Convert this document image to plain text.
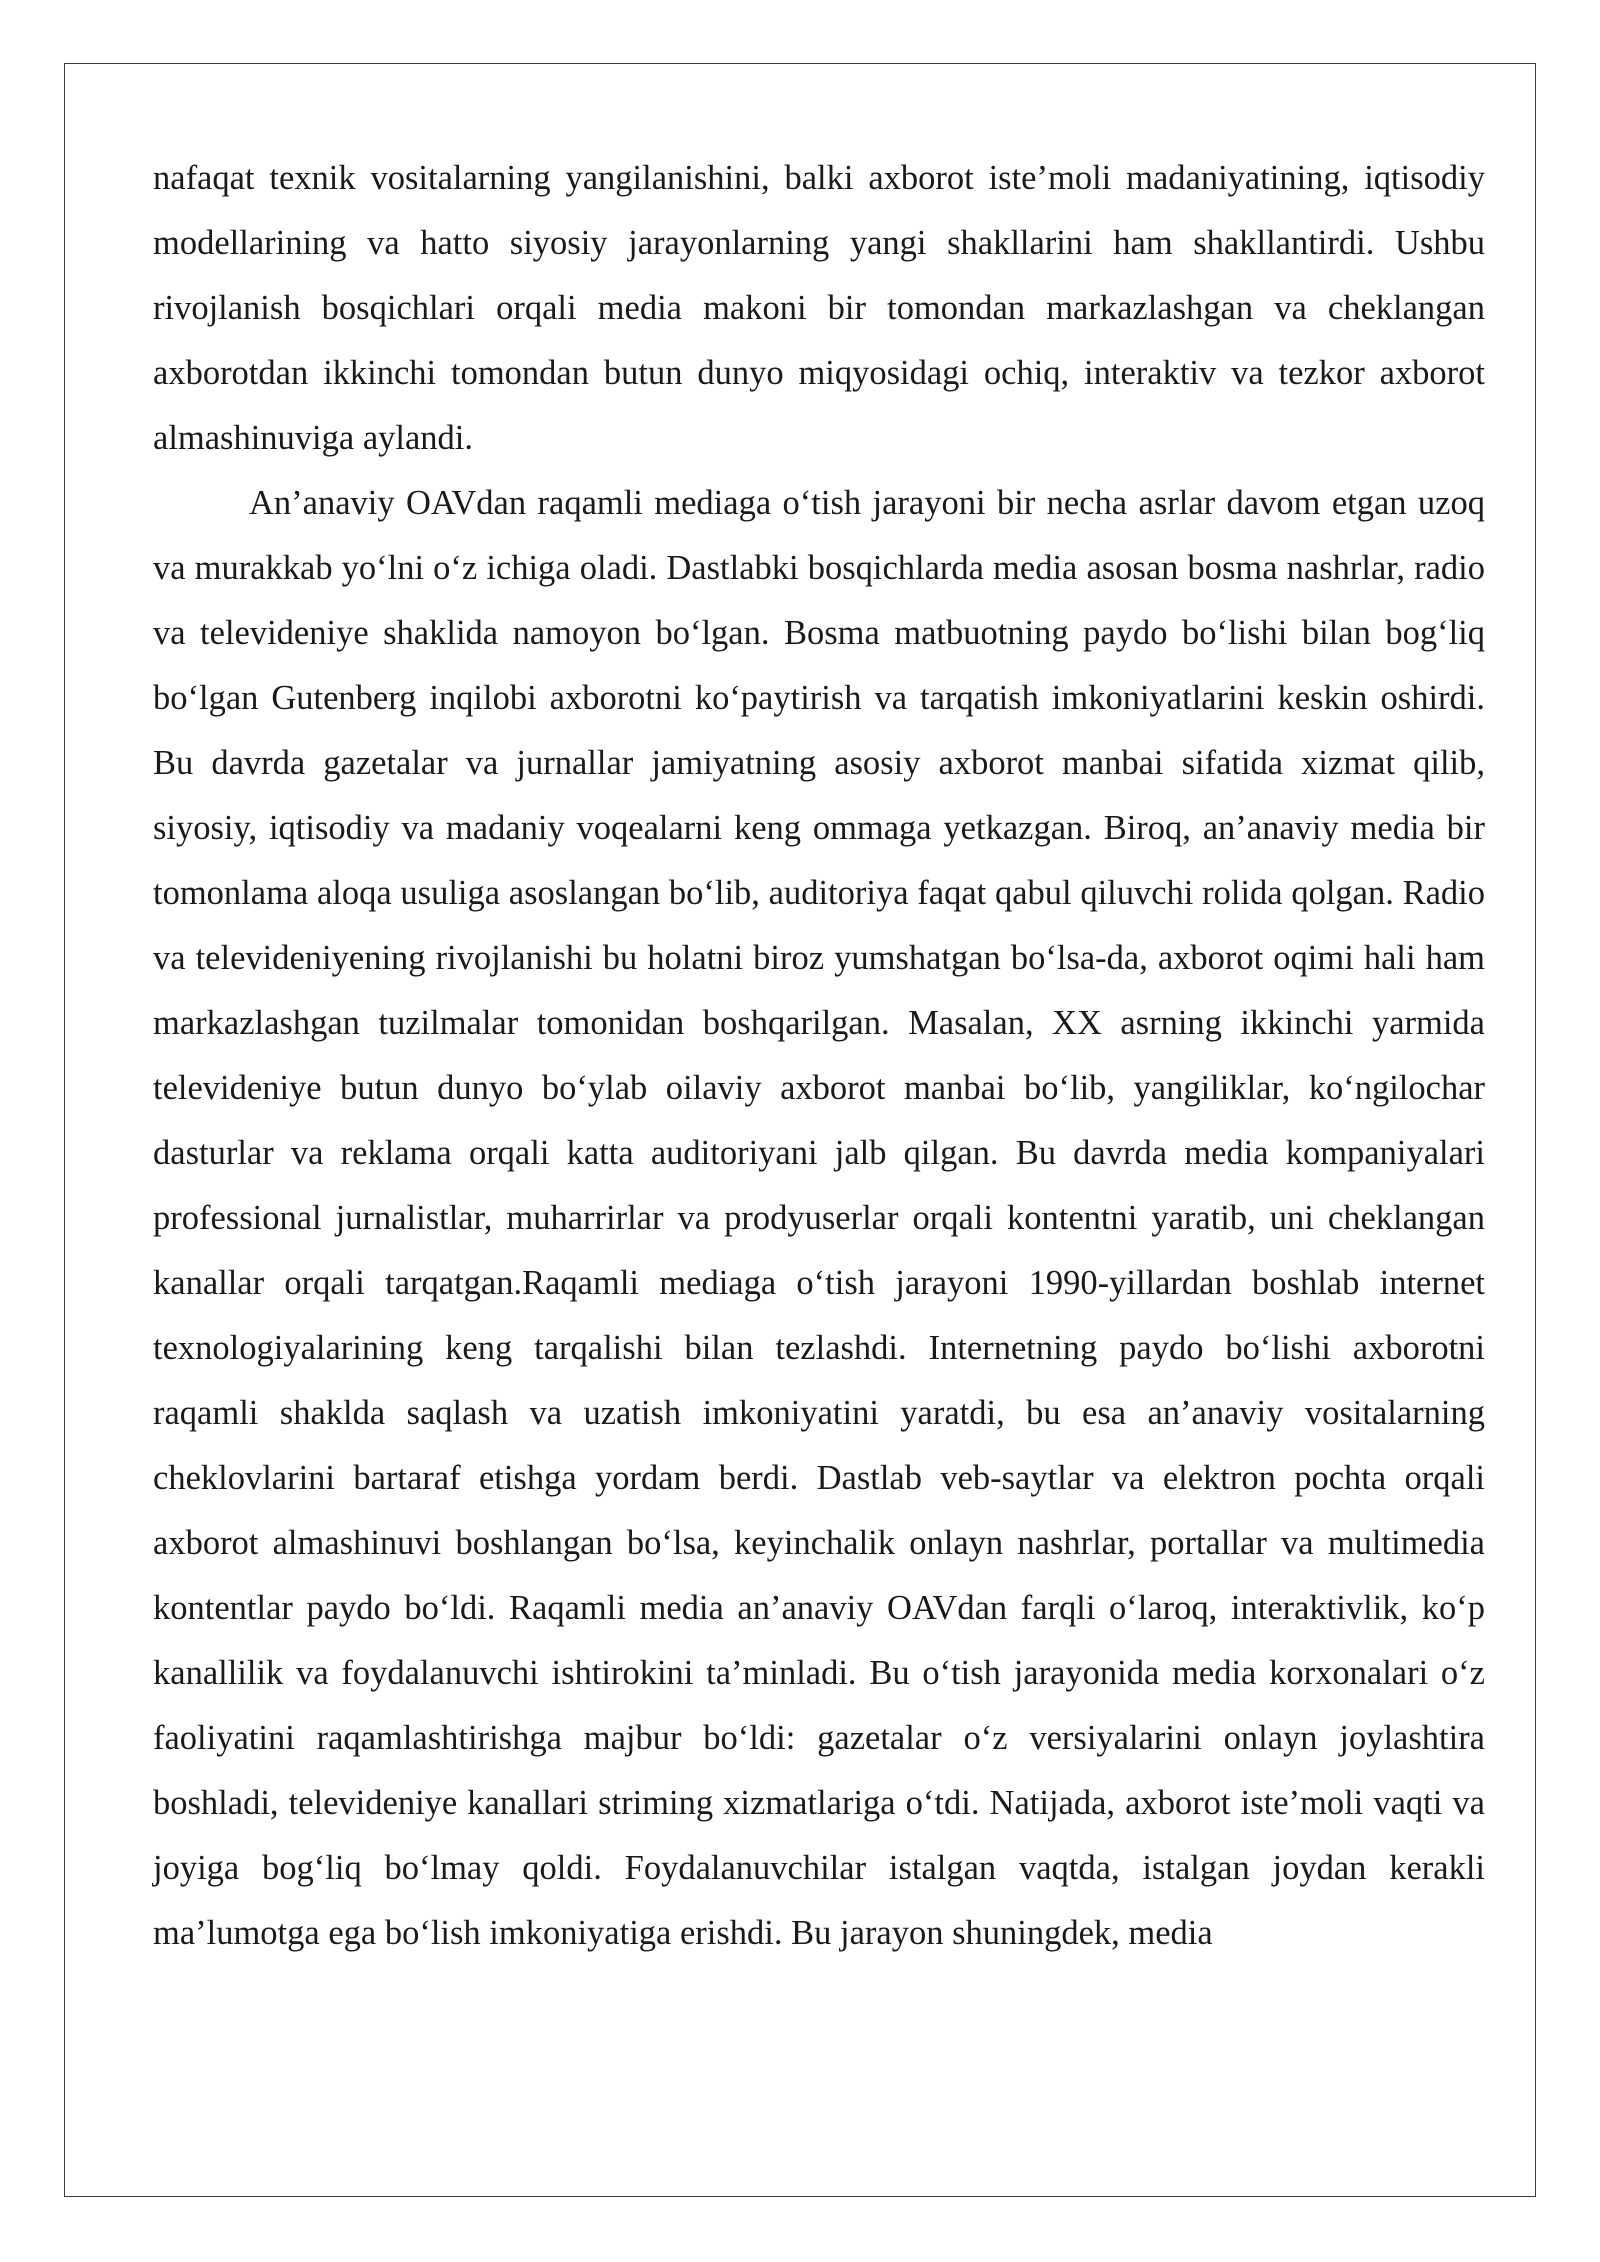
nafaqat texnik vositalarning yangilanishini, balki axborot iste’moli madaniyatining, iqtisodiy modellarining va hatto siyosiy jarayonlarning yangi shakllarini ham shakllantirdi. Ushbu rivojlanish bosqichlari orqali media makoni bir tomondan markazlashgan va cheklangan axborotdan ikkinchi tomondan butun dunyo miqyosidagi ochiq, interaktiv va tezkor axborot almashinuviga aylandi.

An’anaviy OAVdan raqamli mediaga o‘tish jarayoni bir necha asrlar davom etgan uzoq va murakkab yo‘lni o‘z ichiga oladi. Dastlabki bosqichlarda media asosan bosma nashrlar, radio va televideniye shaklida namoyon bo‘lgan. Bosma matbuotning paydo bo‘lishi bilan bog‘liq bo‘lgan Gutenberg inqilobi axborotni ko‘paytirish va tarqatish imkoniyatlarini keskin oshirdi. Bu davrda gazetalar va jurnallar jamiyatning asosiy axborot manbai sifatida xizmat qilib, siyosiy, iqtisodiy va madaniy voqealarni keng ommaga yetkazgan. Biroq, an’anaviy media bir tomonlama aloqa usuliga asoslangan bo‘lib, auditoriya faqat qabul qiluvchi rolida qolgan. Radio va televideniyening rivojlanishi bu holatni biroz yumshatgan bo‘lsa-da, axborot oqimi hali ham markazlashgan tuzilmalar tomonidan boshqarilgan. Masalan, XX asrning ikkinchi yarmida televideniye butun dunyo bo‘ylab oilaviy axborot manbai bo‘lib, yangiliklar, ko‘ngilochar dasturlar va reklama orqali katta auditoriyani jalb qilgan. Bu davrda media kompaniyalari professional jurnalistlar, muharrirlar va prodyuserlar orqali kontentni yaratib, uni cheklangan kanallar orqali tarqatgan.Raqamli mediaga o‘tish jarayoni 1990-yillardan boshlab internet texnologiyalarining keng tarqalishi bilan tezlashdi. Internetning paydo bo‘lishi axborotni raqamli shaklda saqlash va uzatish imkoniyatini yaratdi, bu esa an’anaviy vositalarning cheklovlarini bartaraf etishga yordam berdi. Dastlab veb-saytlar va elektron pochta orqali axborot almashinuvi boshlangan bo‘lsa, keyinchalik onlayn nashrlar, portallar va multimedia kontentlar paydo bo‘ldi. Raqamli media an’anaviy OAVdan farqli o‘laroq, interaktivlik, ko‘p kanallilik va foydalanuvchi ishtirokini ta’minladi. Bu o‘tish jarayonida media korxonalari o‘z faoliyatini raqamlashtirishga majbur bo‘ldi: gazetalar o‘z versiyalarini onlayn joylashtira boshladi, televideniye kanallari striming xizmatlariga o‘tdi. Natijada, axborot iste’moli vaqti va joyiga bog‘liq bo‘lmay qoldi. Foydalanuvchilar istalgan vaqtda, istalgan joydan kerakli ma’lumotga ega bo‘lish imkoniyatiga erishdi. Bu jarayon shuningdek, media
